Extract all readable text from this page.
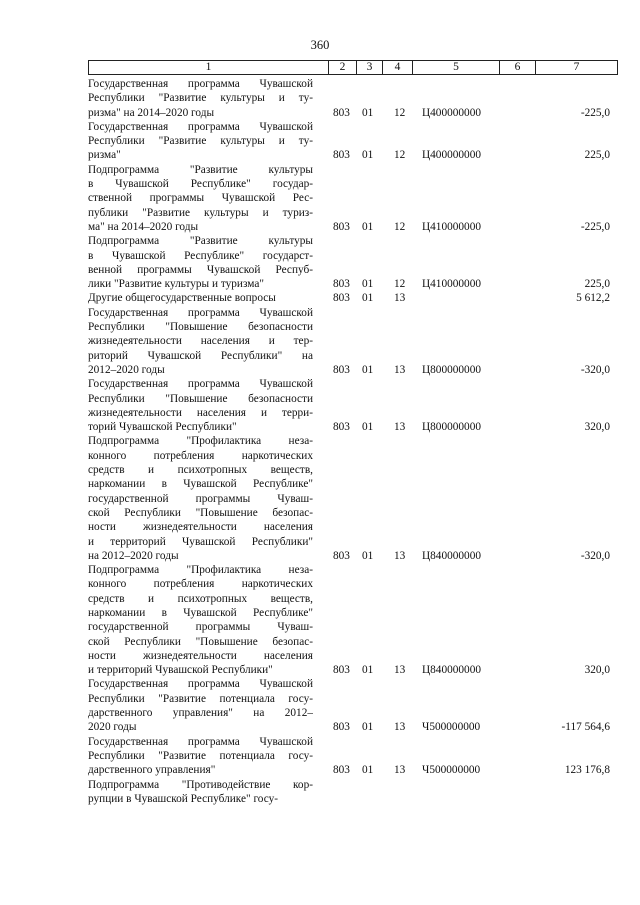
360
1	2	3	4	5	6	7
Государственная программа Чувашской
Республики "Развитие культуры и ту-
ризма" на 2014–2020 годы	803 01 12 Ц400000000	-225,0
Государственная программа Чувашской
Республики "Развитие культуры и ту-
ризма"	803 01 12 Ц400000000	225,0
Подпрограмма "Развитие культуры
в Чувашской Республике" государ-
ственной программы Чувашской Рес-
публики "Развитие культуры и туриз-
ма" на 2014–2020 годы	803 01 12 Ц410000000	-225,0
Подпрограмма "Развитие культуры
в Чувашской Республике" государст-
венной программы Чувашской Респуб-
лики "Развитие культуры и туризма"	803 01 12 Ц410000000	225,0
Другие общегосударственные вопросы	803 01 13	5 612,2
Государственная программа Чувашской
Республики "Повышение безопасности
жизнедеятельности населения и тер-
риторий Чувашской Республики" на
2012–2020 годы	803 01 13 Ц800000000	-320,0
Государственная программа Чувашской
Республики "Повышение безопасности
жизнедеятельности населения и терри-
торий Чувашской Республики"	803 01 13 Ц800000000	320,0
Подпрограмма "Профилактика неза-
конного потребления наркотических
средств и психотропных веществ,
наркомании в Чувашской Республике"
государственной программы Чуваш-
ской Республики "Повышение безопас-
ности жизнедеятельности населения
и территорий Чувашской Республики"
на 2012–2020 годы	803 01 13 Ц840000000	-320,0
Подпрограмма "Профилактика неза-
конного потребления наркотических
средств и психотропных веществ,
наркомании в Чувашской Республике"
государственной программы Чуваш-
ской Республики "Повышение безопас-
ности жизнедеятельности населения
и территорий Чувашской Республики"	803 01 13 Ц840000000	320,0
Государственная программа Чувашской
Республики "Развитие потенциала госу-
дарственного управления" на 2012–
2020 годы	803 01 13 Ч500000000	-117 564,6
Государственная программа Чувашской
Республики "Развитие потенциала госу-
дарственного управления"	803 01 13 Ч500000000	123 176,8
Подпрограмма "Противодействие кор-
рупции в Чувашской Республике" госу-
